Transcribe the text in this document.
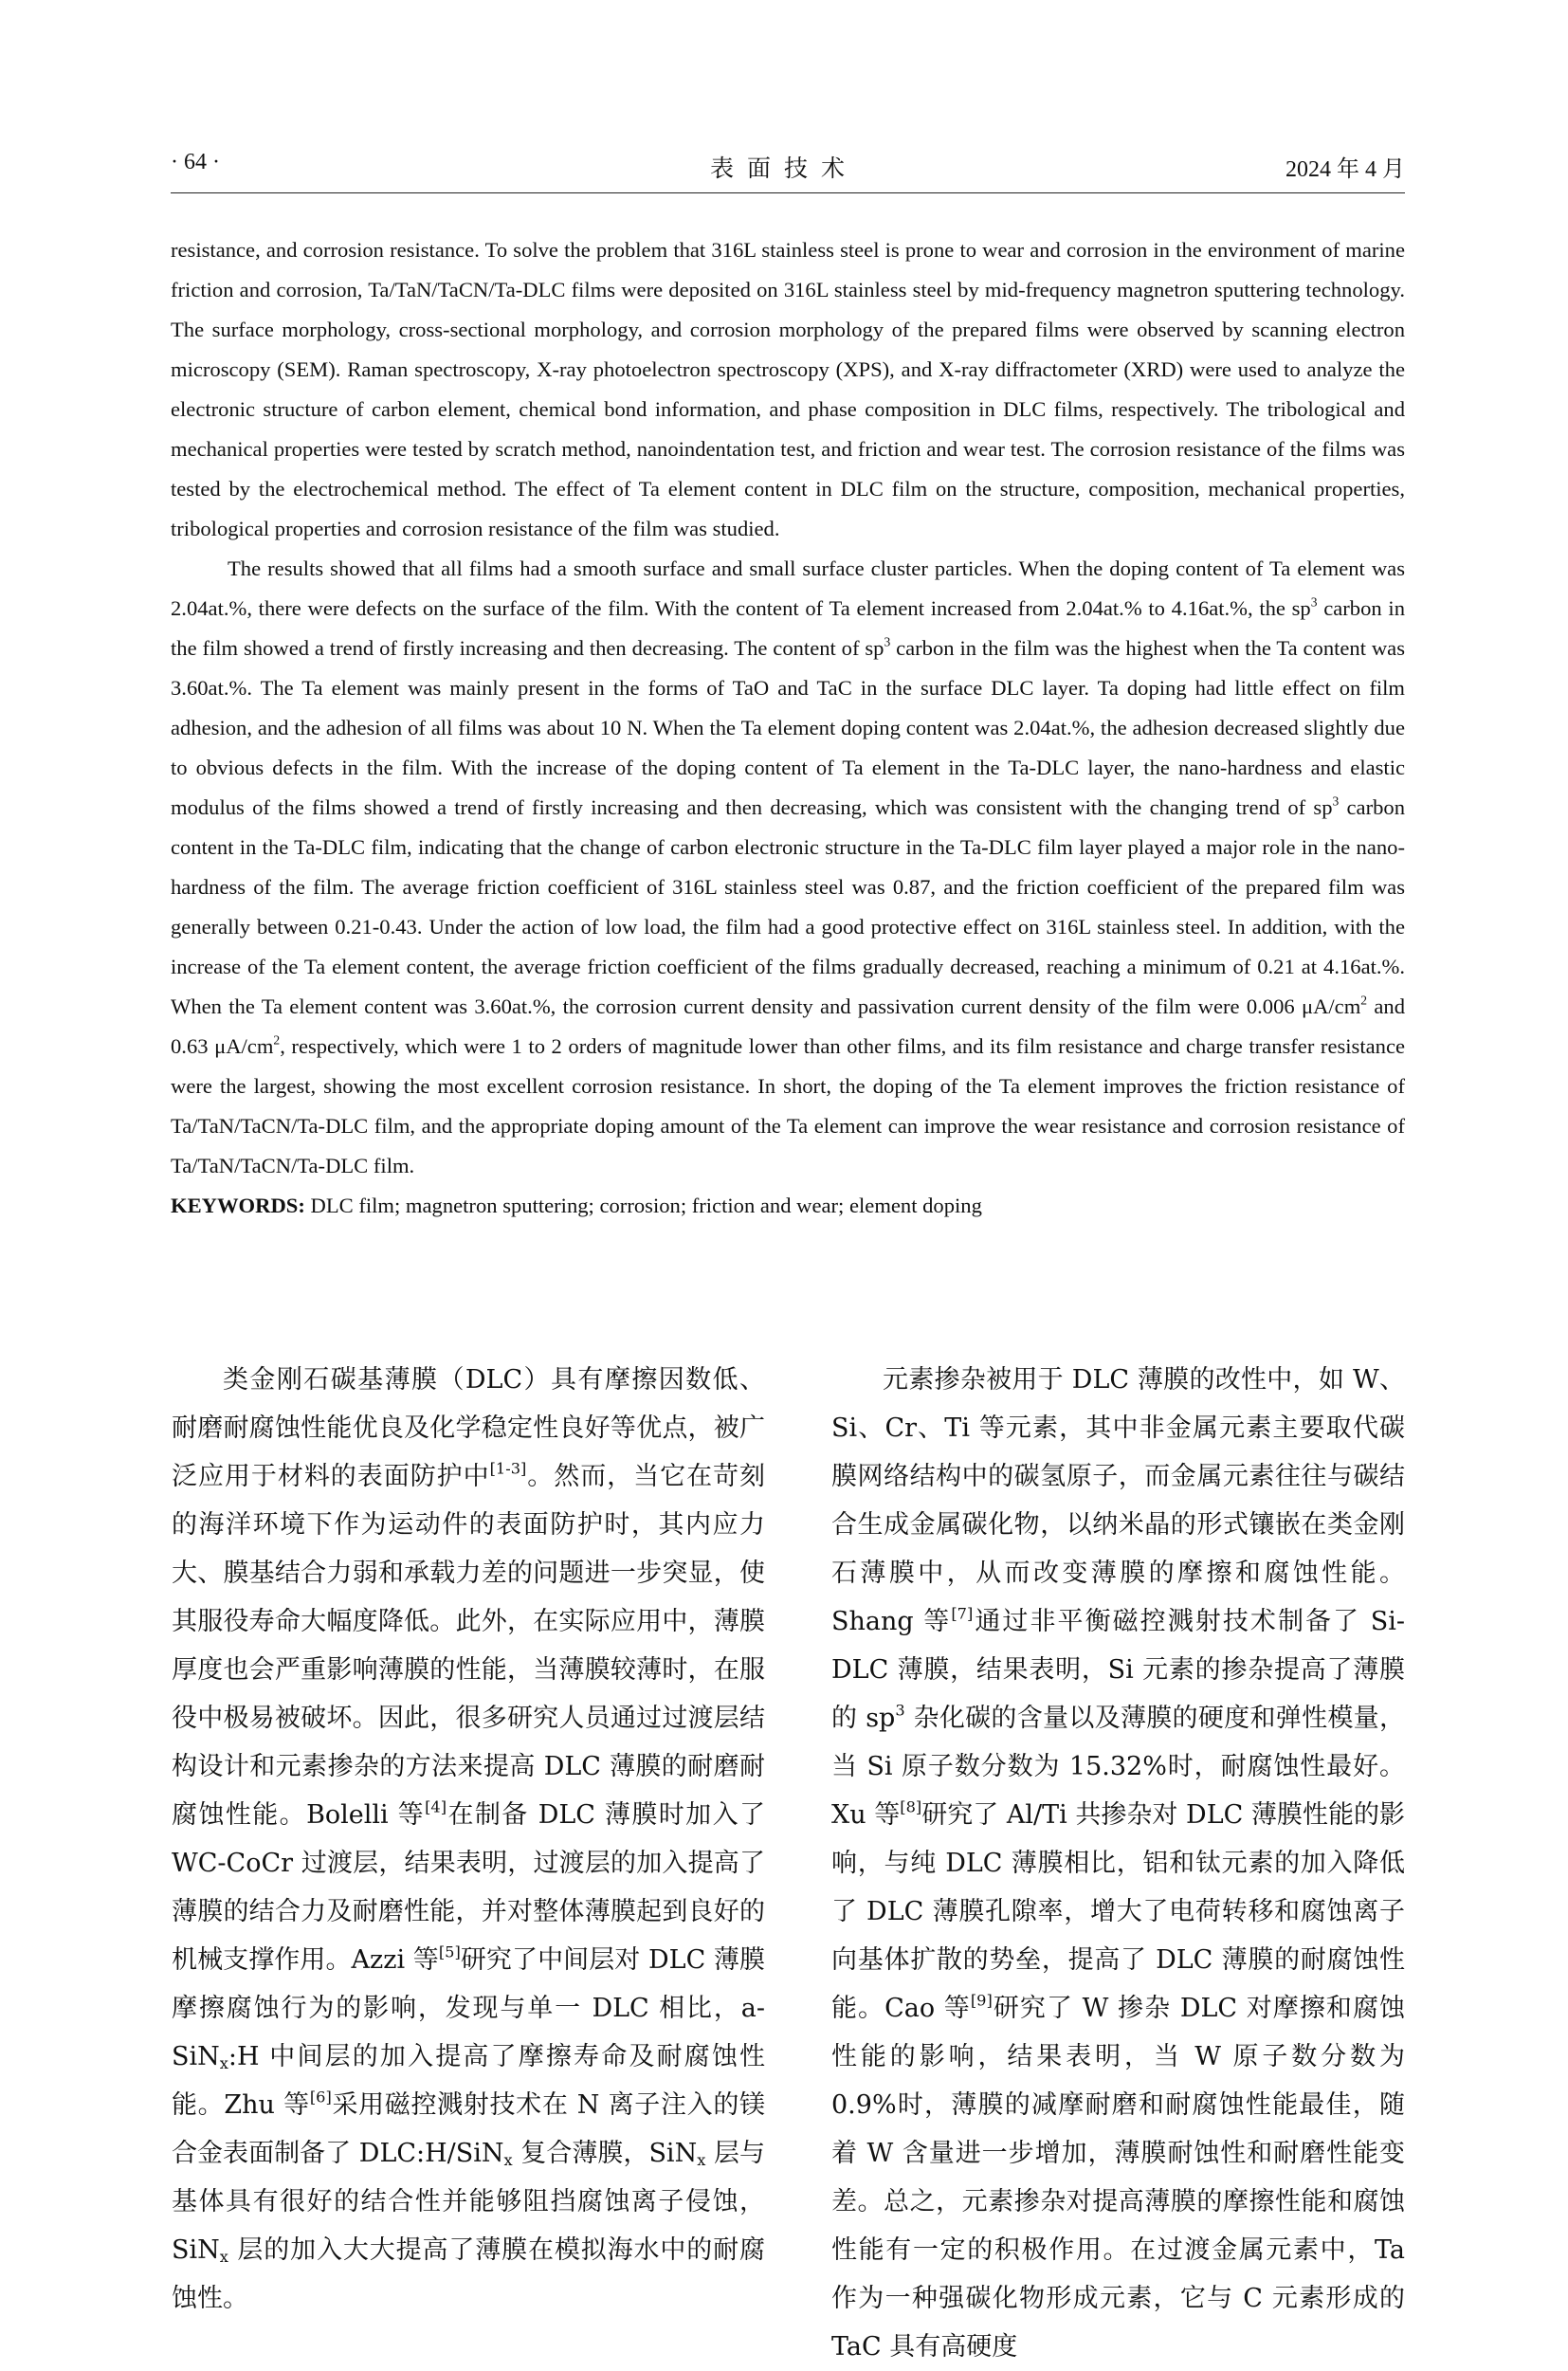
· 64 ·	表面技术	2024 年 4 月

resistance, and corrosion resistance. To solve the problem that 316L stainless steel is prone to wear and corrosion in the environment of marine friction and corrosion, Ta/TaN/TaCN/Ta-DLC films were deposited on 316L stainless steel by mid-frequency magnetron sputtering technology. The surface morphology, cross-sectional morphology, and corrosion morphology of the prepared films were observed by scanning electron microscopy (SEM). Raman spectroscopy, X-ray photoelectron spectroscopy (XPS), and X-ray diffractometer (XRD) were used to analyze the electronic structure of carbon element, chemical bond information, and phase composition in DLC films, respectively. The tribological and mechanical properties were tested by scratch method, nanoindentation test, and friction and wear test. The corrosion resistance of the films was tested by the electrochemical method. The effect of Ta element content in DLC film on the structure, composition, mechanical properties, tribological properties and corrosion resistance of the film was studied.

The results showed that all films had a smooth surface and small surface cluster particles. When the doping content of Ta element was 2.04at.%, there were defects on the surface of the film. With the content of Ta element increased from 2.04at.% to 4.16at.%, the $sp^3$ carbon in the film showed a trend of firstly increasing and then decreasing. The content of $sp^3$ carbon in the film was the highest when the Ta content was 3.60at.%. The Ta element was mainly present in the forms of TaO and TaC in the surface DLC layer. Ta doping had little effect on film adhesion, and the adhesion of all films was about 10 N. When the Ta element doping content was 2.04at.%, the adhesion decreased slightly due to obvious defects in the film. With the increase of the doping content of Ta element in the Ta-DLC layer, the nano-hardness and elastic modulus of the films showed a trend of firstly increasing and then decreasing, which was consistent with the changing trend of $sp^3$ carbon content in the Ta-DLC film, indicating that the change of carbon electronic structure in the Ta-DLC film layer played a major role in the nano-hardness of the film. The average friction coefficient of 316L stainless steel was 0.87, and the friction coefficient of the prepared film was generally between 0.21-0.43. Under the action of low load, the film had a good protective effect on 316L stainless steel. In addition, with the increase of the Ta element content, the average friction coefficient of the films gradually decreased, reaching a minimum of 0.21 at 4.16at.%. When the Ta element content was 3.60at.%, the corrosion current density and passivation current density of the film were 0.006 $\mu A/cm^2$ and 0.63 $\mu A/cm^2$, respectively, which were 1 to 2 orders of magnitude lower than other films, and its film resistance and charge transfer resistance were the largest, showing the most excellent corrosion resistance. In short, the doping of the Ta element improves the friction resistance of Ta/TaN/TaCN/Ta-DLC film, and the appropriate doping amount of the Ta element can improve the wear resistance and corrosion resistance of Ta/TaN/TaCN/Ta-DLC film.

KEYWORDS: DLC film; magnetron sputtering; corrosion; friction and wear; element doping

类金刚石碳基薄膜（DLC）具有摩擦因数低、耐磨耐腐蚀性能优良及化学稳定性良好等优点，被广泛应用于材料的表面防护中[1-3]。然而，当它在苛刻的海洋环境下作为运动件的表面防护时，其内应力大、膜基结合力弱和承载力差的问题进一步突显，使其服役寿命大幅度降低。此外，在实际应用中，薄膜厚度也会严重影响薄膜的性能，当薄膜较薄时，在服役中极易被破坏。因此，很多研究人员通过过渡层结构设计和元素掺杂的方法来提高 DLC 薄膜的耐磨耐腐蚀性能。Bolelli 等[4]在制备 DLC 薄膜时加入了 WC-CoCr 过渡层，结果表明，过渡层的加入提高了薄膜的结合力及耐磨性能，并对整体薄膜起到良好的机械支撑作用。Azzi 等[5]研究了中间层对 DLC 薄膜摩擦腐蚀行为的影响，发现与单一 DLC 相比，a-SiN$_x$:H 中间层的加入提高了摩擦寿命及耐腐蚀性能。Zhu 等[6]采用磁控溅射技术在 N 离子注入的镁合金表面制备了 DLC:H/SiN$_x$ 复合薄膜，SiN$_x$ 层与基体具有很好的结合性并能够阻挡腐蚀离子侵蚀，SiN$_x$ 层的加入大大提高了薄膜在模拟海水中的耐腐蚀性。

元素掺杂被用于 DLC 薄膜的改性中，如 W、Si、Cr、Ti 等元素，其中非金属元素主要取代碳膜网络结构中的碳氢原子，而金属元素往往与碳结合生成金属碳化物，以纳米晶的形式镶嵌在类金刚石薄膜中，从而改变薄膜的摩擦和腐蚀性能。Shang 等[7]通过非平衡磁控溅射技术制备了 Si-DLC 薄膜，结果表明，Si 元素的掺杂提高了薄膜的 $sp^3$ 杂化碳的含量以及薄膜的硬度和弹性模量，当 Si 原子数分数为 15.32%时，耐腐蚀性最好。Xu 等[8]研究了 Al/Ti 共掺杂对 DLC 薄膜性能的影响，与纯 DLC 薄膜相比，铝和钛元素的加入降低了 DLC 薄膜孔隙率，增大了电荷转移和腐蚀离子向基体扩散的势垒，提高了 DLC 薄膜的耐腐蚀性能。Cao 等[9]研究了 W 掺杂 DLC 对摩擦和腐蚀性能的影响，结果表明，当 W 原子数分数为 0.9%时，薄膜的减摩耐磨和耐腐蚀性能最佳，随着 W 含量进一步增加，薄膜耐蚀性和耐磨性能变差。总之，元素掺杂对提高薄膜的摩擦性能和腐蚀性能有一定的积极作用。在过渡金属元素中，Ta 作为一种强碳化物形成元素，它与 C 元素形成的 TaC 具有高硬度
